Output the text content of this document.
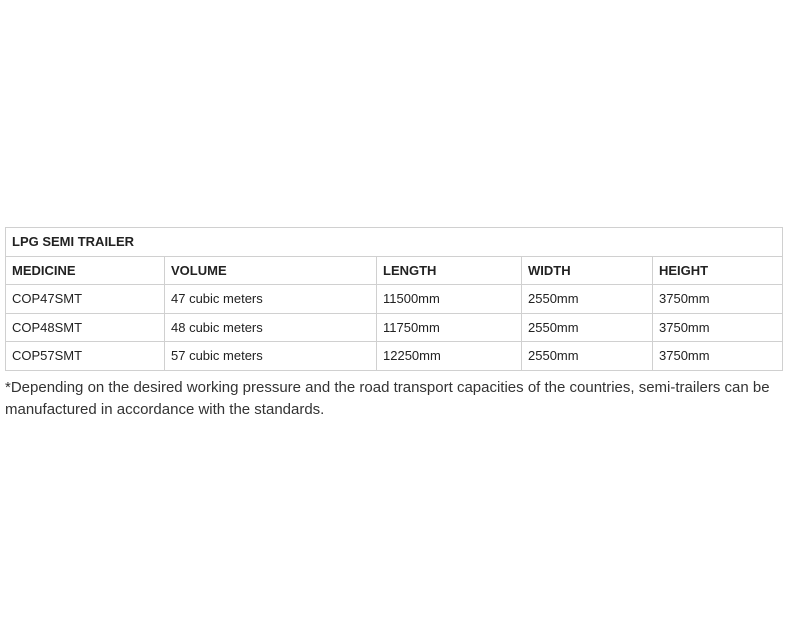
LPG SEMI TRAILER				
MEDICINE	VOLUME	LENGTH	WIDTH	HEIGHT
COP47SMT	47 cubic meters	11500mm	2550mm	3750mm
COP48SMT	48 cubic meters	11750mm	2550mm	3750mm
COP57SMT	57 cubic meters	12250mm	2550mm	3750mm

*Depending on the desired working pressure and the road transport capacities of the countries, semi-trailers can be manufactured in accordance with the standards.
